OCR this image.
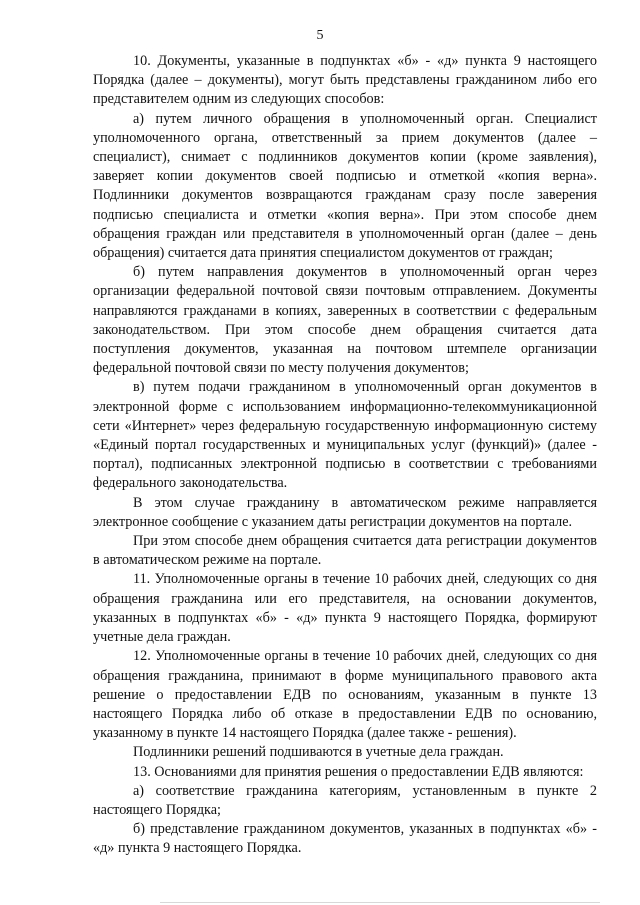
5

10. Документы, указанные в подпунктах «б» - «д» пункта 9 настоящего Порядка (далее – документы), могут быть представлены гражданином либо его представителем одним из следующих способов:

а) путем личного обращения в уполномоченный орган. Специалист уполномоченного органа, ответственный за прием документов (далее – специалист), снимает с подлинников документов копии (кроме заявления), заверяет копии документов своей подписью и отметкой «копия верна». Подлинники документов возвращаются гражданам сразу после заверения подписью специалиста и отметки «копия верна». При этом способе днем обращения граждан или представителя в уполномоченный орган (далее – день обращения) считается дата принятия специалистом документов от граждан;

б) путем направления документов в уполномоченный орган через организации федеральной почтовой связи почтовым отправлением. Документы направляются гражданами в копиях, заверенных в соответствии с федеральным законодательством. При этом способе днем обращения считается дата поступления документов, указанная на почтовом штемпеле организации федеральной почтовой связи по месту получения документов;

в) путем подачи гражданином в уполномоченный орган документов в электронной форме с использованием информационно-телекоммуникационной сети «Интернет» через федеральную государственную информационную систему «Единый портал государственных и муниципальных услуг (функций)» (далее - портал), подписанных электронной подписью в соответствии с требованиями федерального законодательства.

В этом случае гражданину в автоматическом режиме направляется электронное сообщение с указанием даты регистрации документов на портале.

При этом способе днем обращения считается дата регистрации документов в автоматическом режиме на портале.

11. Уполномоченные органы в течение 10 рабочих дней, следующих со дня обращения гражданина или его представителя, на основании документов, указанных в подпунктах «б» - «д» пункта 9 настоящего Порядка, формируют учетные дела граждан.

12. Уполномоченные органы в течение 10 рабочих дней, следующих со дня обращения гражданина, принимают в форме муниципального правового акта решение о предоставлении ЕДВ по основаниям, указанным в пункте 13 настоящего Порядка либо об отказе в предоставлении ЕДВ по основанию, указанному в пункте 14 настоящего Порядка (далее также - решения).

Подлинники решений подшиваются в учетные дела граждан.

13. Основаниями для принятия решения о предоставлении ЕДВ являются:

а) соответствие гражданина категориям, установленным в пункте 2 настоящего Порядка;

б) представление гражданином документов, указанных в подпунктах «б» - «д» пункта 9 настоящего Порядка.
